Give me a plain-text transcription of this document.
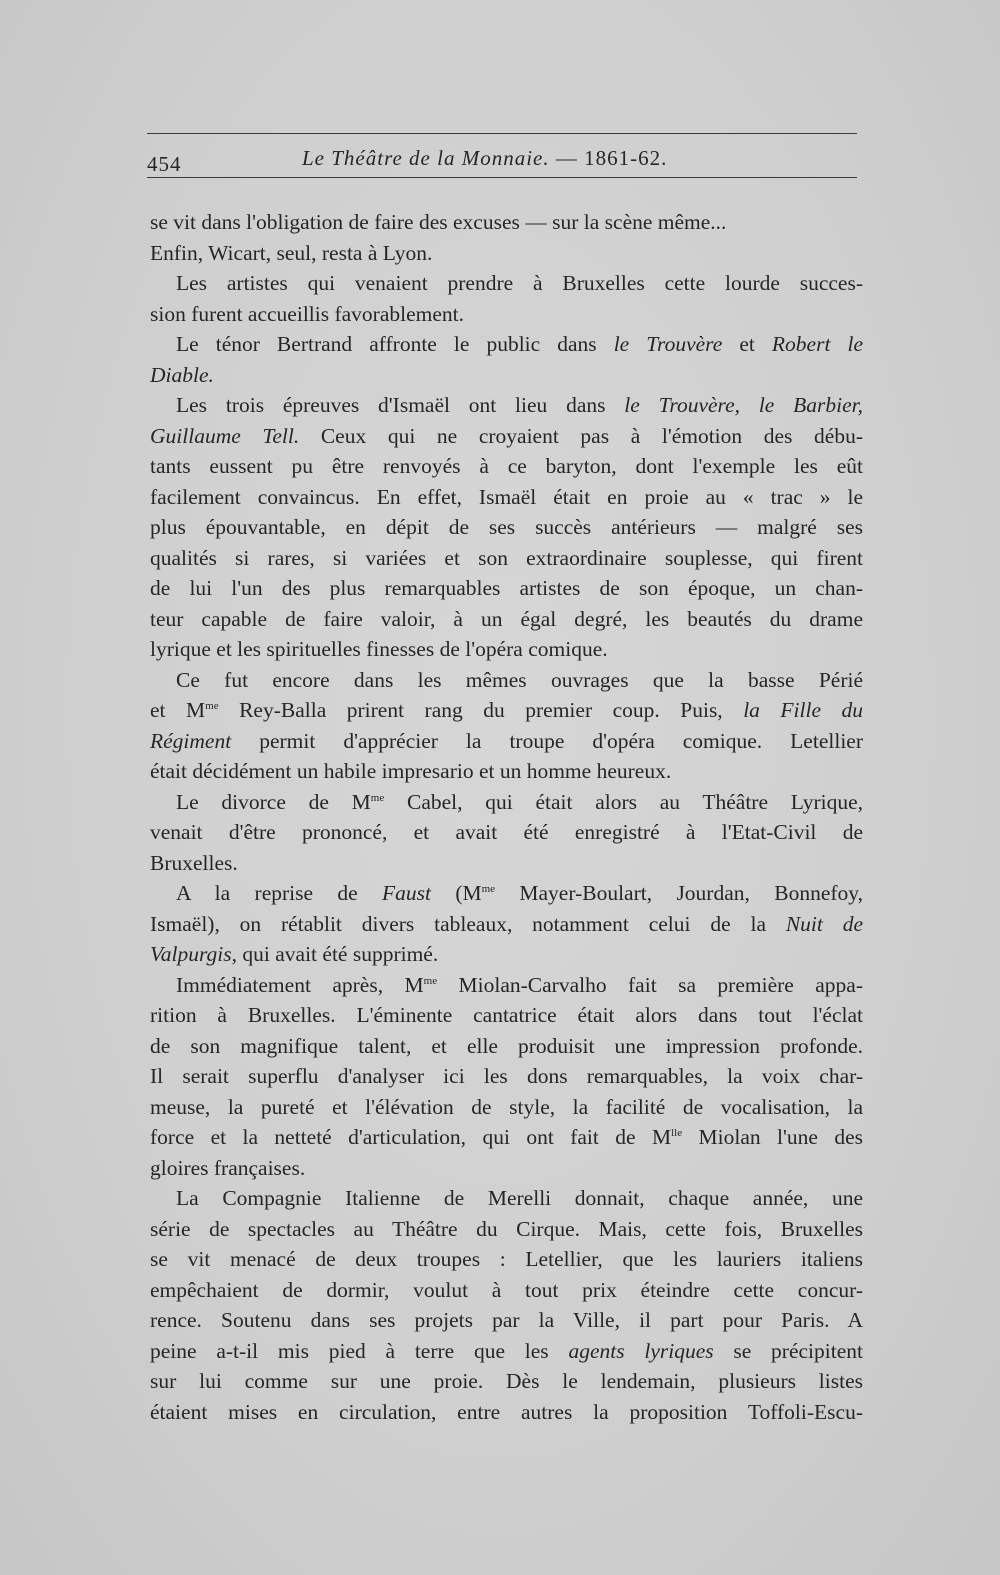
454	Le Théâtre de la Monnaie. — 1861-62.
se vit dans l'obligation de faire des excuses — sur la scène même...
Enfin, Wicart, seul, resta à Lyon.
Les artistes qui venaient prendre à Bruxelles cette lourde succes-
sion furent accueillis favorablement.
Le ténor Bertrand affronte le public dans le Trouvère et Robert le
Diable.
Les trois épreuves d'Ismaël ont lieu dans le Trouvère, le Barbier,
Guillaume Tell. Ceux qui ne croyaient pas à l'émotion des débu-
tants eussent pu être renvoyés à ce baryton, dont l'exemple les eût
facilement convaincus. En effet, Ismaël était en proie au « trac » le
plus épouvantable, en dépit de ses succès antérieurs — malgré ses
qualités si rares, si variées et son extraordinaire souplesse, qui firent
de lui l'un des plus remarquables artistes de son époque, un chan-
teur capable de faire valoir, à un égal degré, les beautés du drame
lyrique et les spirituelles finesses de l'opéra comique.
Ce fut encore dans les mêmes ouvrages que la basse Périé
et $M^{me}$ Rey-Balla prirent rang du premier coup. Puis, la Fille du
Régiment permit d'apprécier la troupe d'opéra comique. Letellier
était décidément un habile impresario et un homme heureux.
Le divorce de $M^{me}$ Cabel, qui était alors au Théâtre Lyrique,
venait d'être prononcé, et avait été enregistré à l'Etat-Civil de
Bruxelles.
A la reprise de Faust ($M^{me}$ Mayer-Boulart, Jourdan, Bonnefoy,
Ismaël), on rétablit divers tableaux, notamment celui de la Nuit de
Valpurgis, qui avait été supprimé.
Immédiatement après, $M^{me}$ Miolan-Carvalho fait sa première appa-
rition à Bruxelles. L'éminente cantatrice était alors dans tout l'éclat
de son magnifique talent, et elle produisit une impression profonde.
Il serait superflu d'analyser ici les dons remarquables, la voix char-
meuse, la pureté et l'élévation de style, la facilité de vocalisation, la
force et la netteté d'articulation, qui ont fait de $M^{lle}$ Miolan l'une des
gloires françaises.
La Compagnie Italienne de Merelli donnait, chaque année, une
série de spectacles au Théâtre du Cirque. Mais, cette fois, Bruxelles
se vit menacé de deux troupes : Letellier, que les lauriers italiens
empêchaient de dormir, voulut à tout prix éteindre cette concur-
rence. Soutenu dans ses projets par la Ville, il part pour Paris. A
peine a-t-il mis pied à terre que les agents lyriques se précipitent
sur lui comme sur une proie. Dès le lendemain, plusieurs listes
étaient mises en circulation, entre autres la proposition Toffoli-Escu-
